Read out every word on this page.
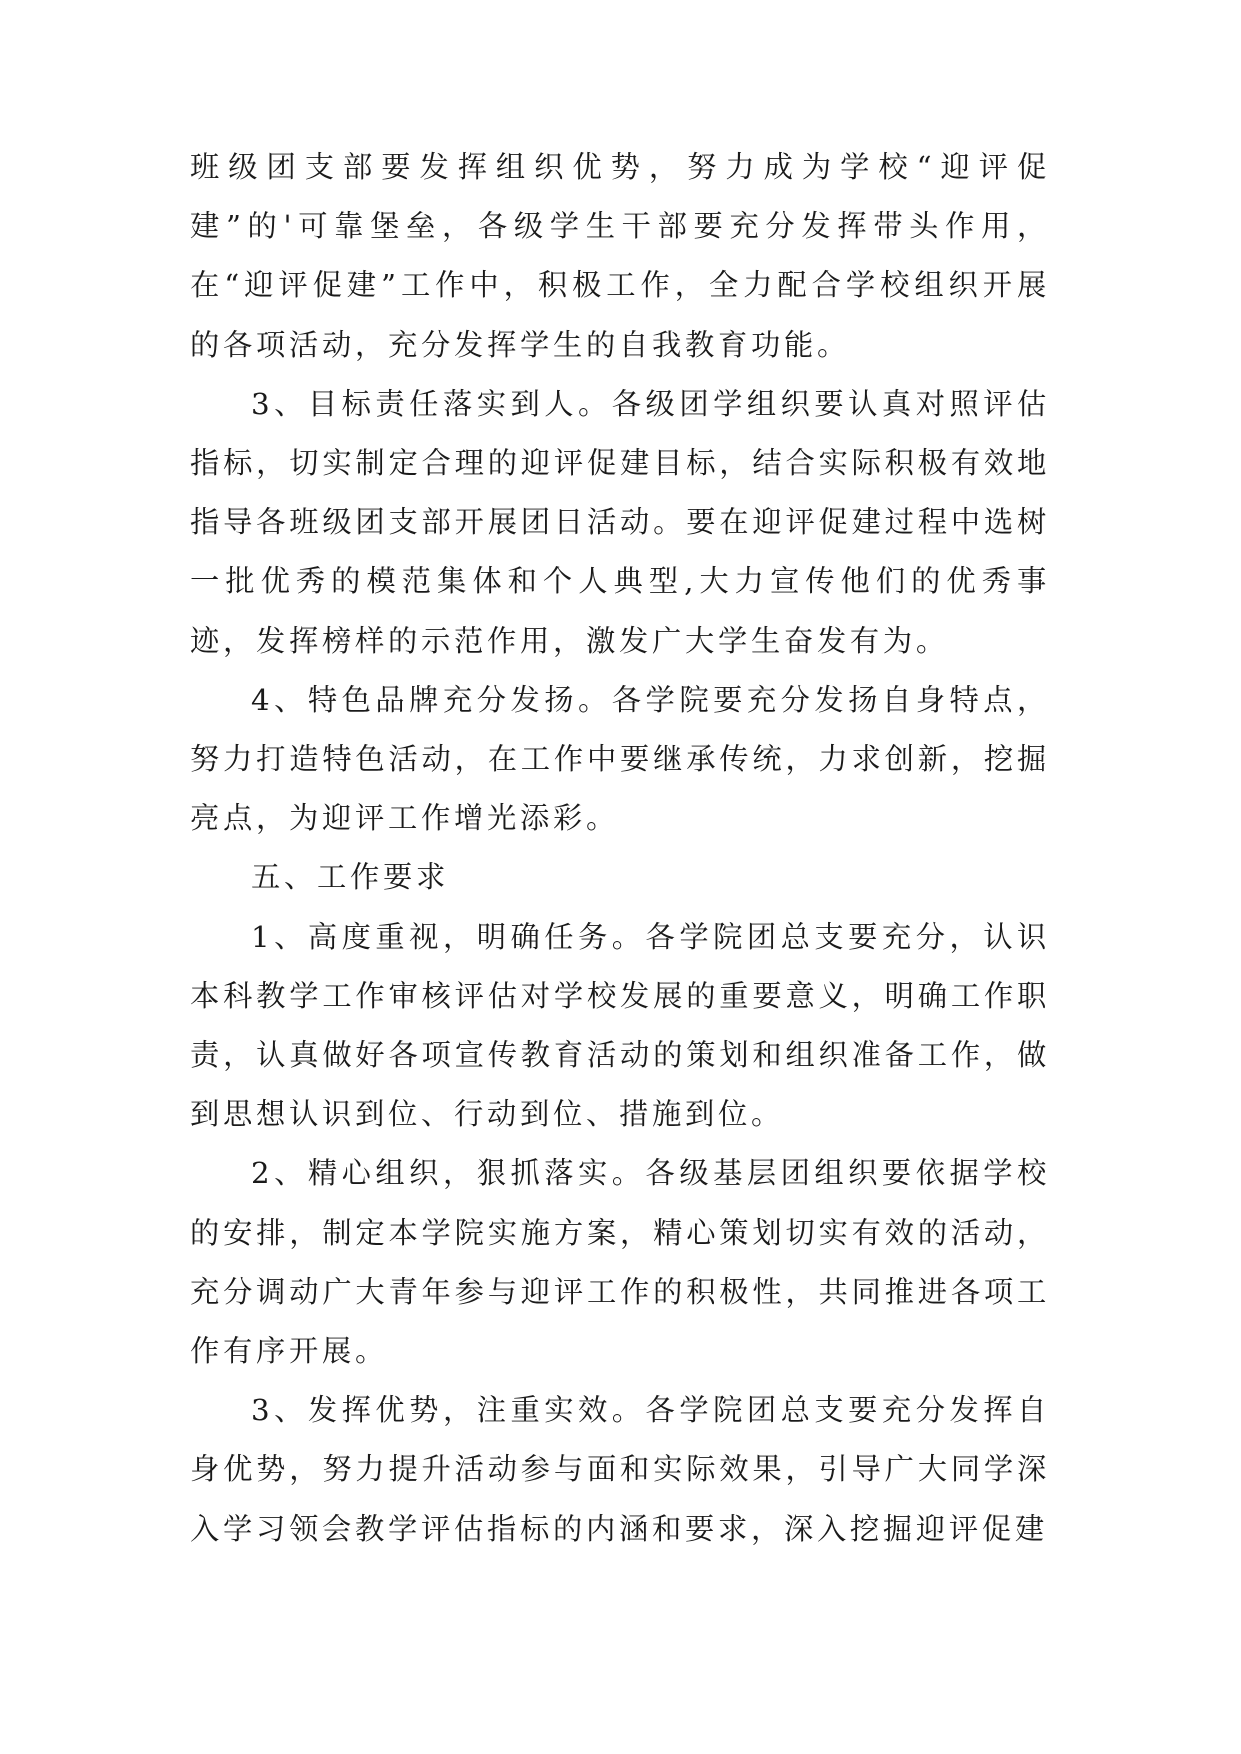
班级团支部要发挥组织优势，努力成为学校“迎评促建”的'可靠堡垒，各级学生干部要充分发挥带头作用，在“迎评促建”工作中，积极工作，全力配合学校组织开展的各项活动，充分发挥学生的自我教育功能。

3、目标责任落实到人。各级团学组织要认真对照评估指标，切实制定合理的迎评促建目标，结合实际积极有效地指导各班级团支部开展团日活动。要在迎评促建过程中选树一批优秀的模范集体和个人典型,大力宣传他们的优秀事迹，发挥榜样的示范作用，激发广大学生奋发有为。

4、特色品牌充分发扬。各学院要充分发扬自身特点，努力打造特色活动，在工作中要继承传统，力求创新，挖掘亮点，为迎评工作增光添彩。

五、工作要求

1、高度重视，明确任务。各学院团总支要充分，认识本科教学工作审核评估对学校发展的重要意义，明确工作职责，认真做好各项宣传教育活动的策划和组织准备工作，做到思想认识到位、行动到位、措施到位。

2、精心组织，狠抓落实。各级基层团组织要依据学校的安排，制定本学院实施方案，精心策划切实有效的活动，充分调动广大青年参与迎评工作的积极性，共同推进各项工作有序开展。

3、发挥优势，注重实效。各学院团总支要充分发挥自身优势，努力提升活动参与面和实际效果，引导广大同学深入学习领会教学评估指标的内涵和要求，深入挖掘迎评促建
